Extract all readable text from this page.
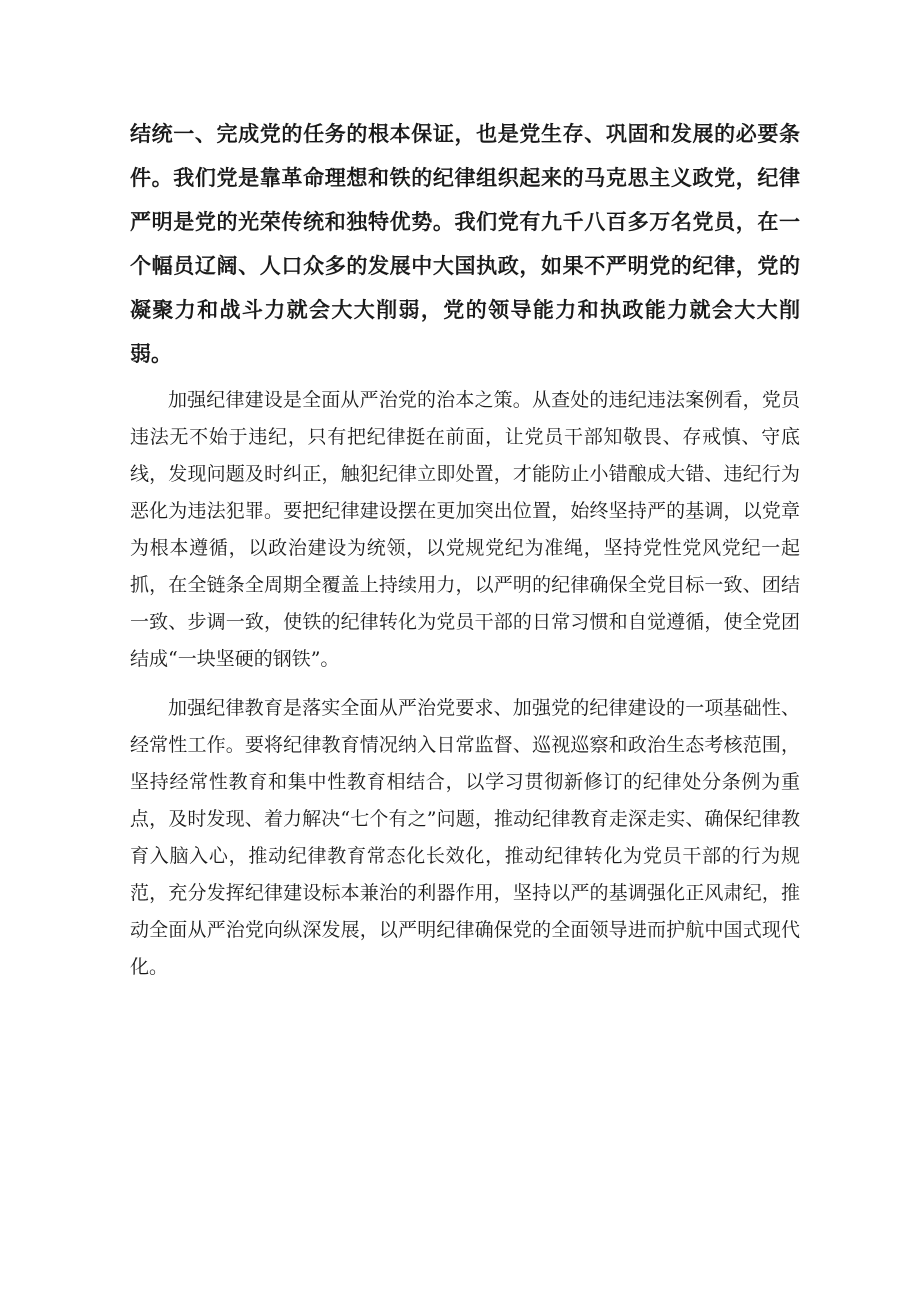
结统一、完成党的任务的根本保证，也是党生存、巩固和发展的必要条件。我们党是靠革命理想和铁的纪律组织起来的马克思主义政党，纪律严明是党的光荣传统和独特优势。我们党有九千八百多万名党员，在一个幅员辽阔、人口众多的发展中大国执政，如果不严明党的纪律，党的凝聚力和战斗力就会大大削弱，党的领导能力和执政能力就会大大削弱。

加强纪律建设是全面从严治党的治本之策。从查处的违纪违法案例看，党员违法无不始于违纪，只有把纪律挺在前面，让党员干部知敬畏、存戒慎、守底线，发现问题及时纠正，触犯纪律立即处置，才能防止小错酿成大错、违纪行为恶化为违法犯罪。要把纪律建设摆在更加突出位置，始终坚持严的基调，以党章为根本遵循，以政治建设为统领，以党规党纪为准绳，坚持党性党风党纪一起抓，在全链条全周期全覆盖上持续用力，以严明的纪律确保全党目标一致、团结一致、步调一致，使铁的纪律转化为党员干部的日常习惯和自觉遵循，使全党团结成“一块坚硬的钢铁”。

加强纪律教育是落实全面从严治党要求、加强党的纪律建设的一项基础性、经常性工作。要将纪律教育情况纳入日常监督、巡视巡察和政治生态考核范围，坚持经常性教育和集中性教育相结合，以学习贯彻新修订的纪律处分条例为重点，及时发现、着力解决“七个有之”问题，推动纪律教育走深走实、确保纪律教育入脑入心，推动纪律教育常态化长效化，推动纪律转化为党员干部的行为规范，充分发挥纪律建设标本兼治的利器作用，坚持以严的基调强化正风肃纪，推动全面从严治党向纵深发展，以严明纪律确保党的全面领导进而护航中国式现代化。
